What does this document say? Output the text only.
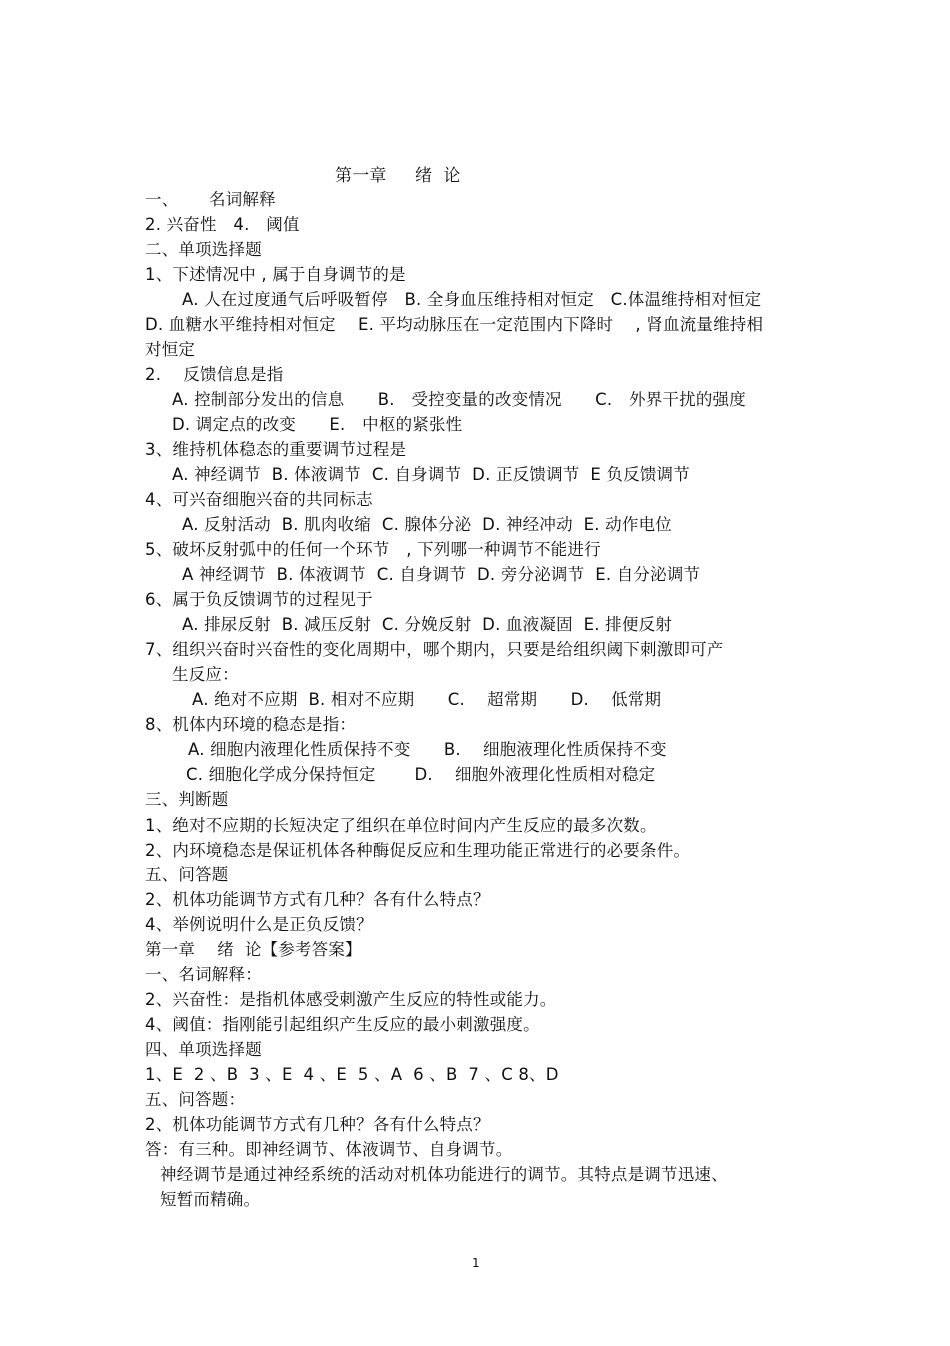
第一章　  绪  论
一、　　 名词解释
2. 兴奋性　4.　阈值
二、单项选择题
1、下述情况中 , 属于自身调节的是
A. 人在过度通气后呼吸暂停　B. 全身血压维持相对恒定　C.体温维持相对恒定
D. 血糖水平维持相对恒定　 E. 平均动脉压在一定范围内下降时　 , 肾血流量维持相
对恒定
2.　 反馈信息是指
A. 控制部分发出的信息　　B.　受控变量的改变情况　　C.　外界干扰的强度
D. 调定点的改变　　E.　中枢的紧张性
3、维持机体稳态的重要调节过程是
A. 神经调节  B. 体液调节  C. 自身调节  D. 正反馈调节  E 负反馈调节
4、可兴奋细胞兴奋的共同标志
A. 反射活动  B. 肌肉收缩  C. 腺体分泌  D. 神经冲动  E. 动作电位
5、破坏反射弧中的任何一个环节　, 下列哪一种调节不能进行
A 神经调节  B. 体液调节  C. 自身调节  D. 旁分泌调节  E. 自分泌调节
6、属于负反馈调节的过程见于
A. 排尿反射  B. 减压反射  C. 分娩反射  D. 血液凝固  E. 排便反射
7、组织兴奋时兴奋性的变化周期中，哪个期内，只要是给组织阈下刺激即可产
生反应：
A. 绝对不应期  B. 相对不应期　　C.　 超常期　　D.　 低常期
8、机体内环境的稳态是指：
A. 细胞内液理化性质保持不变　　B.　 细胞液理化性质保持不变
C. 细胞化学成分保持恒定　　 D.　 细胞外液理化性质相对稳定
三、判断题
1、绝对不应期的长短决定了组织在单位时间内产生反应的最多次数。
2、内环境稳态是保证机体各种酶促反应和生理功能正常进行的必要条件。
五、问答题
2、机体功能调节方式有几种？各有什么特点？
4、举例说明什么是正负反馈？
第一章　 绪  论【参考答案】
一、名词解释：
2、兴奋性：是指机体感受刺激产生反应的特性或能力。
4、阈值：指刚能引起组织产生反应的最小刺激强度。
四、单项选择题
1、E  2 、B  3 、E  4 、E  5 、A  6 、B  7 、C 8、D
五、问答题：
2、机体功能调节方式有几种？各有什么特点？
答：有三种。即神经调节、体液调节、自身调节。
神经调节是通过神经系统的活动对机体功能进行的调节。其特点是调节迅速、
短暂而精确。
1
